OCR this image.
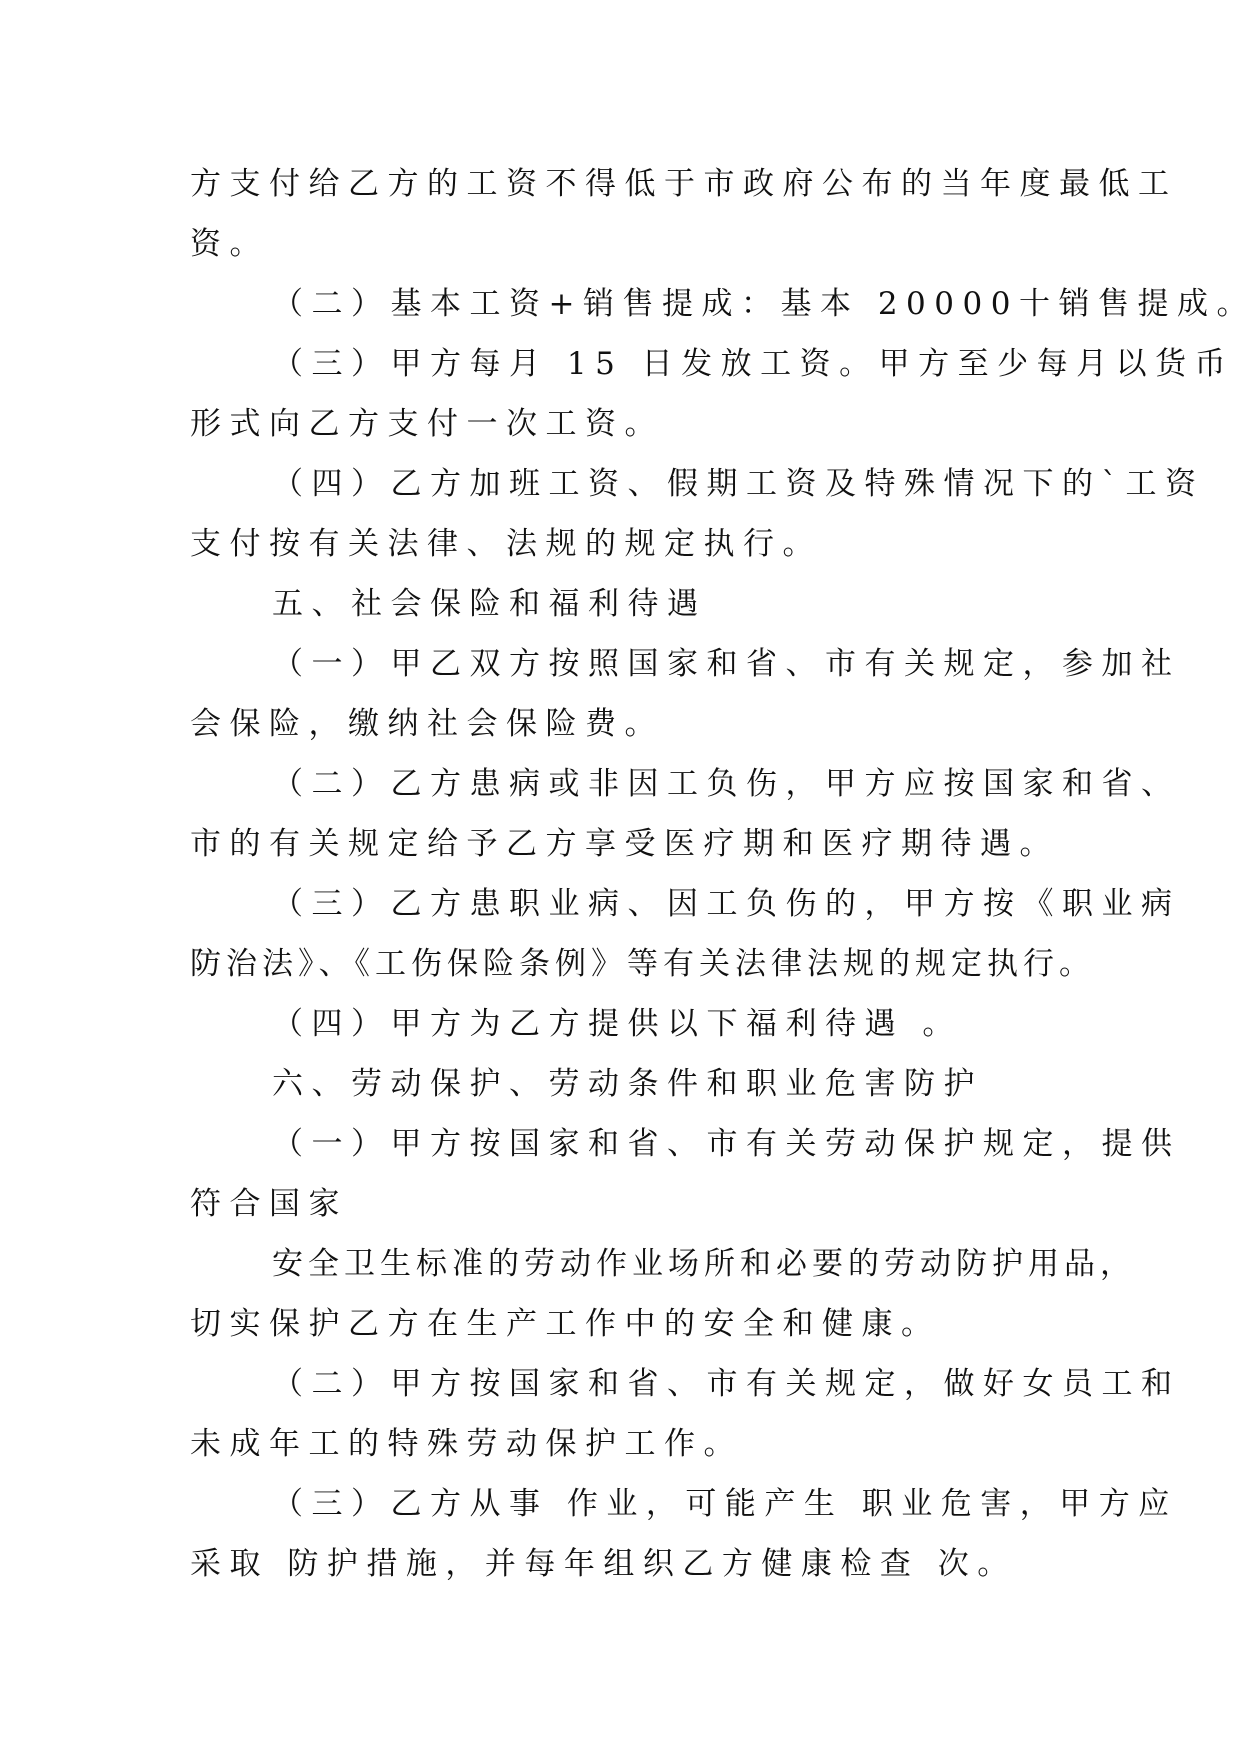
方支付给乙方的工资不得低于市政府公布的当年度最低工
资。
（二）基本工资+销售提成：基本 20000十销售提成。
（三）甲方每月 15 日发放工资。甲方至少每月以货币
形式向乙方支付一次工资。
（四）乙方加班工资、假期工资及特殊情况下的`工资
支付按有关法律、法规的规定执行。
五、社会保险和福利待遇
（一）甲乙双方按照国家和省、市有关规定，参加社
会保险，缴纳社会保险费。
（二）乙方患病或非因工负伤，甲方应按国家和省、
市的有关规定给予乙方享受医疗期和医疗期待遇。
（三）乙方患职业病、因工负伤的，甲方按《职业病
防治法》、《工伤保险条例》等有关法律法规的规定执行。
（四）甲方为乙方提供以下福利待遇 。
六、劳动保护、劳动条件和职业危害防护
（一）甲方按国家和省、市有关劳动保护规定，提供
符合国家
安全卫生标准的劳动作业场所和必要的劳动防护用品，
切实保护乙方在生产工作中的安全和健康。
（二）甲方按国家和省、市有关规定，做好女员工和
未成年工的特殊劳动保护工作。
（三）乙方从事 作业，可能产生 职业危害，甲方应
采取 防护措施，并每年组织乙方健康检查 次。
